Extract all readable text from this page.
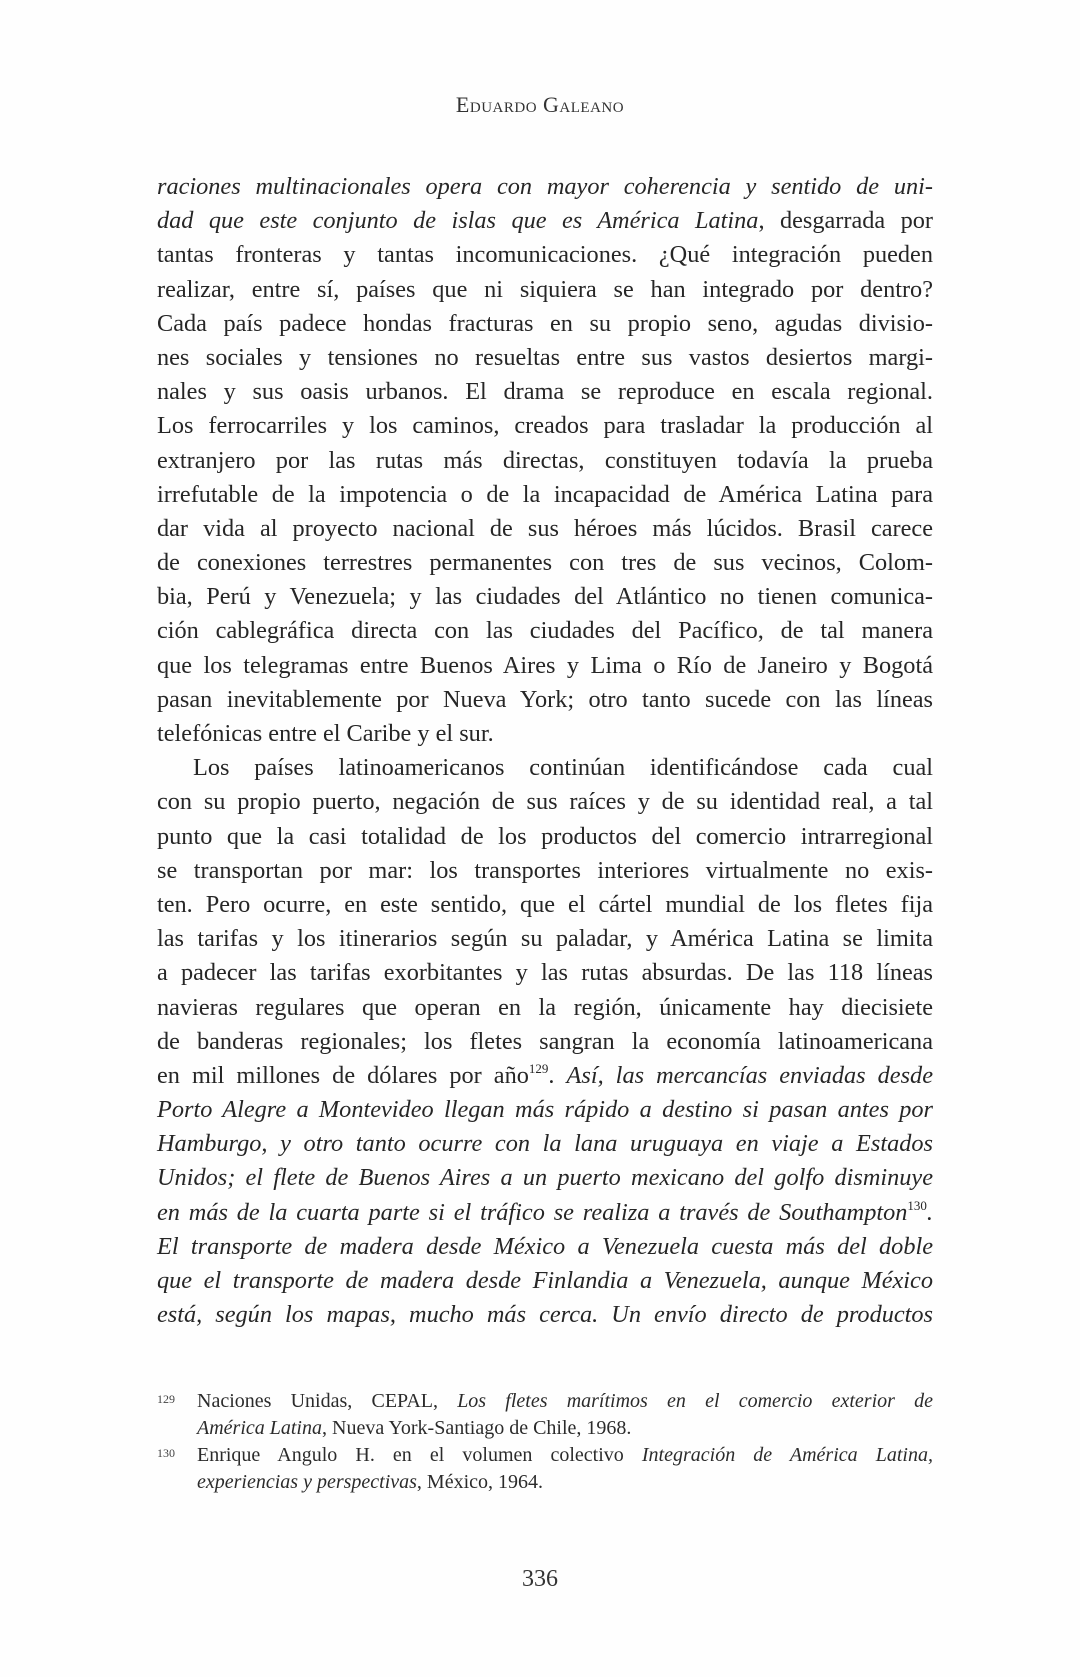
Eduardo Galeano
raciones multinacionales opera con mayor coherencia y sentido de uni-
dad que este conjunto de islas que es América Latina, desgarrada por
tantas fronteras y tantas incomunicaciones. ¿Qué integración pueden
realizar, entre sí, países que ni siquiera se han integrado por dentro?
Cada país padece hondas fracturas en su propio seno, agudas divisio-
nes sociales y tensiones no resueltas entre sus vastos desiertos margi-
nales y sus oasis urbanos. El drama se reproduce en escala regional.
Los ferrocarriles y los caminos, creados para trasladar la producción al
extranjero por las rutas más directas, constituyen todavía la prueba
irrefutable de la impotencia o de la incapacidad de América Latina para
dar vida al proyecto nacional de sus héroes más lúcidos. Brasil carece
de conexiones terrestres permanentes con tres de sus vecinos, Colom-
bia, Perú y Venezuela; y las ciudades del Atlántico no tienen comunica-
ción cablegráfica directa con las ciudades del Pacífico, de tal manera
que los telegramas entre Buenos Aires y Lima o Río de Janeiro y Bogotá
pasan inevitablemente por Nueva York; otro tanto sucede con las líneas
telefónicas entre el Caribe y el sur.
Los países latinoamericanos continúan identificándose cada cual
con su propio puerto, negación de sus raíces y de su identidad real, a tal
punto que la casi totalidad de los productos del comercio intrarregional
se transportan por mar: los transportes interiores virtualmente no exis-
ten. Pero ocurre, en este sentido, que el cártel mundial de los fletes fija
las tarifas y los itinerarios según su paladar, y América Latina se limita
a padecer las tarifas exorbitantes y las rutas absurdas. De las 118 líneas
navieras regulares que operan en la región, únicamente hay diecisiete
de banderas regionales; los fletes sangran la economía latinoamericana
en mil millones de dólares por año$^{129}$. Así, las mercancías enviadas desde
Porto Alegre a Montevideo llegan más rápido a destino si pasan antes por
Hamburgo, y otro tanto ocurre con la lana uruguaya en viaje a Estados
Unidos; el flete de Buenos Aires a un puerto mexicano del golfo disminuye
en más de la cuarta parte si el tráfico se realiza a través de Southampton$^{130}$.
El transporte de madera desde México a Venezuela cuesta más del doble
que el transporte de madera desde Finlandia a Venezuela, aunque México
está, según los mapas, mucho más cerca. Un envío directo de productos
129 Naciones Unidas, CEPAL, Los fletes marítimos en el comercio exterior de
América Latina, Nueva York-Santiago de Chile, 1968.
130 Enrique Angulo H. en el volumen colectivo Integración de América Latina,
experiencias y perspectivas, México, 1964.
336
